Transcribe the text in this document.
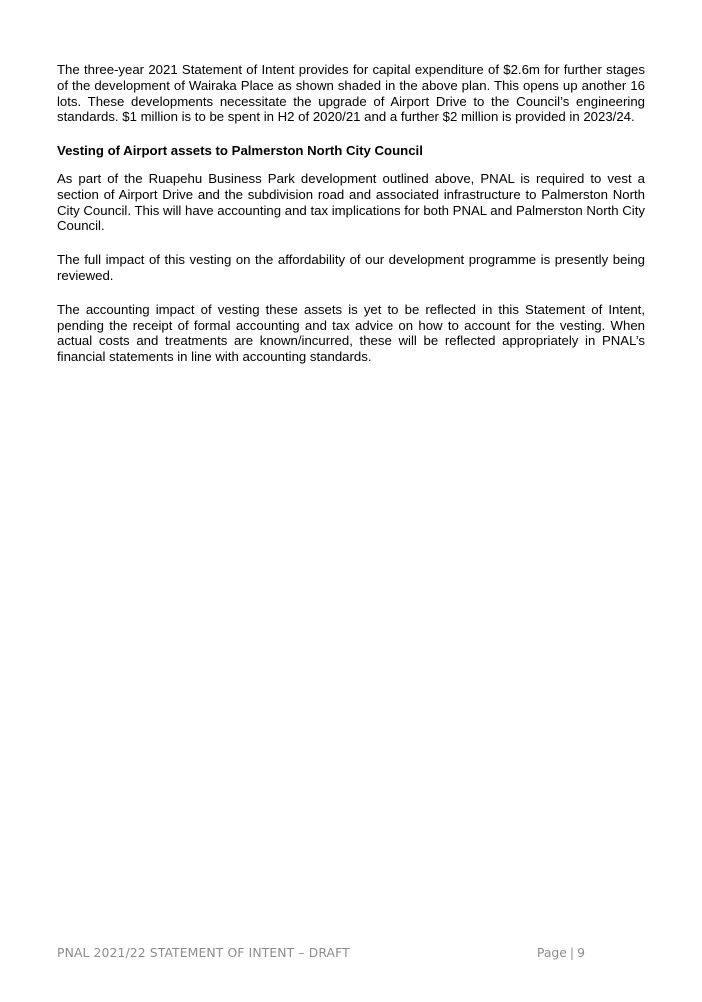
The three-year 2021 Statement of Intent provides for capital expenditure of $2.6m for further stages of the development of Wairaka Place as shown shaded in the above plan. This opens up another 16 lots. These developments necessitate the upgrade of Airport Drive to the Council’s engineering standards. $1 million is to be spent in H2 of 2020/21 and a further $2 million is provided in 2023/24.

Vesting of Airport assets to Palmerston North City Council

As part of the Ruapehu Business Park development outlined above, PNAL is required to vest a section of Airport Drive and the subdivision road and associated infrastructure to Palmerston North City Council. This will have accounting and tax implications for both PNAL and Palmerston North City Council.

The full impact of this vesting on the affordability of our development programme is presently being reviewed.

The accounting impact of vesting these assets is yet to be reflected in this Statement of Intent, pending the receipt of formal accounting and tax advice on how to account for the vesting. When actual costs and treatments are known/incurred, these will be reflected appropriately in PNAL’s financial statements in line with accounting standards.

PNAL 2021/22 STATEMENT OF INTENT – DRAFT	Page | 9
